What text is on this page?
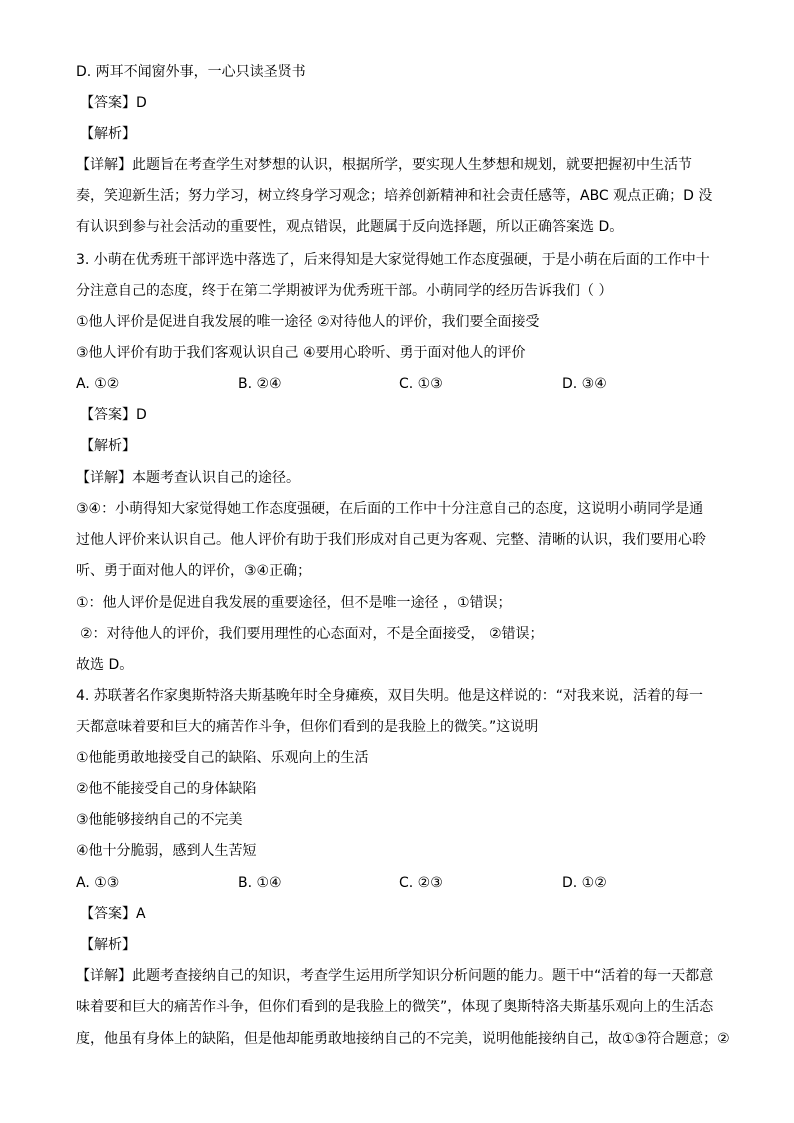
D. 两耳不闻窗外事，一心只读圣贤书
【答案】D
【解析】
【详解】此题旨在考查学生对梦想的认识，根据所学，要实现人生梦想和规划，就要把握初中生活节
奏，笑迎新生活；努力学习，树立终身学习观念；培养创新精神和社会责任感等，ABC 观点正确；D 没
有认识到参与社会活动的重要性，观点错误，此题属于反向选择题，所以正确答案选 D。
3. 小萌在优秀班干部评选中落选了，后来得知是大家觉得她工作态度强硬，于是小萌在后面的工作中十
分注意自己的态度，终于在第二学期被评为优秀班干部。小萌同学的经历告诉我们（ ）
①他人评价是促进自我发展的唯一途径 ②对待他人的评价，我们要全面接受
③他人评价有助于我们客观认识自己 ④要用心聆听、勇于面对他人的评价
A. ①②	B. ②④	C. ①③	D. ③④
【答案】D
【解析】
【详解】本题考查认识自己的途径。
③④：小萌得知大家觉得她工作态度强硬，在后面的工作中十分注意自己的态度，这说明小萌同学是通
过他人评价来认识自己。他人评价有助于我们形成对自己更为客观、完整、清晰的认识，我们要用心聆
听、勇于面对他人的评价，③④正确；
①：他人评价是促进自我发展的重要途径，但不是唯一途径 ，①错误；
②：对待他人的评价，我们要用理性的心态面对，不是全面接受， ②错误；
故选 D。
4. 苏联著名作家奥斯特洛夫斯基晚年时全身瘫痪，双目失明。他是这样说的：“对我来说，活着的每一
天都意味着要和巨大的痛苦作斗争，但你们看到的是我脸上的微笑。”这说明
①他能勇敢地接受自己的缺陷、乐观向上的生活
②他不能接受自己的身体缺陷
③他能够接纳自己的不完美
④他十分脆弱，感到人生苦短
A. ①③	B. ①④	C. ②③	D. ①②
【答案】A
【解析】
【详解】此题考查接纳自己的知识，考查学生运用所学知识分析问题的能力。题干中“活着的每一天都意
味着要和巨大的痛苦作斗争，但你们看到的是我脸上的微笑”，体现了奥斯特洛夫斯基乐观向上的生活态
度，他虽有身体上的缺陷，但是他却能勇敢地接纳自己的不完美，说明他能接纳自己，故①③符合题意；②
